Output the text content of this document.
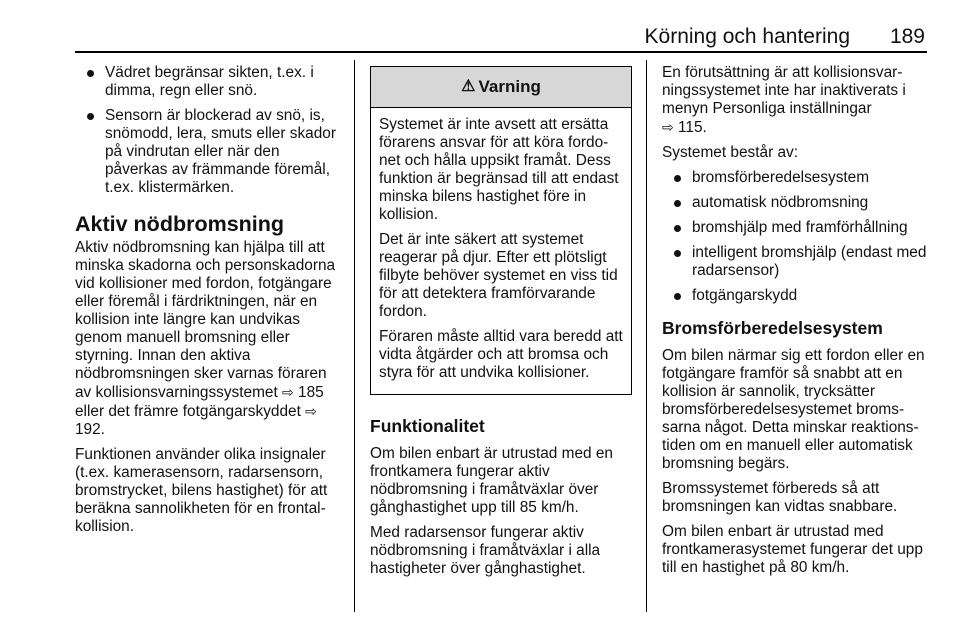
Körning och hantering 189
Vädret begränsar sikten, t.ex. i dimma, regn eller snö.
Sensorn är blockerad av snö, is, snömodd, lera, smuts eller skador på vindrutan eller när den påverkas av främmande föremål, t.ex. klistermärken.
Aktiv nödbromsning

Aktiv nödbromsning kan hjälpa till att minska skadorna och personskadorna vid kollisioner med fordon, fotgängare eller föremål i färdriktningen, när en kollision inte längre kan undvikas genom manuell bromsning eller styrning. Innan den aktiva nödbromsningen sker varnas föraren av kollisionsvarningssystemet ⇨ 185 eller det främre fotgängarskyddet ⇨ 192.

Funktionen använder olika insignaler (t.ex. kamerasensorn, radarsensorn, bromstrycket, bilens hastighet) för att beräkna sannolikheten för en frontalkollision.

⚠ Varning

Systemet är inte avsett att ersätta förarens ansvar för att köra fordonet och hålla uppsikt framåt. Dess funktion är begränsad till att endast minska bilens hastighet före in kollision.

Det är inte säkert att systemet reagerar på djur. Efter ett plötsligt filbyte behöver systemet en viss tid för att detektera framförvarande fordon.

Föraren måste alltid vara beredd att vidta åtgärder och att bromsa och styra för att undvika kollisioner.

Funktionalitet

Om bilen enbart är utrustad med en frontkamera fungerar aktiv nödbromsning i framåtväxlar över gånghastighet upp till 85 km/h.

Med radarsensor fungerar aktiv nödbromsning i framåtväxlar i alla hastigheter över gånghastighet.

En förutsättning är att kollisionsvarningssystemet inte har inaktiverats i menyn Personliga inställningar
⇨ 115.

Systemet består av:

bromsförberedelsesystem
automatisk nödbromsning
bromshjälp med framförhållning
intelligent bromshjälp (endast med radarsensor)
fotgängarskydd
Bromsförberedelsesystem

Om bilen närmar sig ett fordon eller en fotgängare framför så snabbt att en kollision är sannolik, trycksätter bromsförberedelsesystemet bromssarna något. Detta minskar reaktionstiden om en manuell eller automatisk bromsning begärs.

Bromssystemet förbereds så att bromsningen kan vidtas snabbare.

Om bilen enbart är utrustad med frontkamerasystemet fungerar det upp till en hastighet på 80 km/h.
